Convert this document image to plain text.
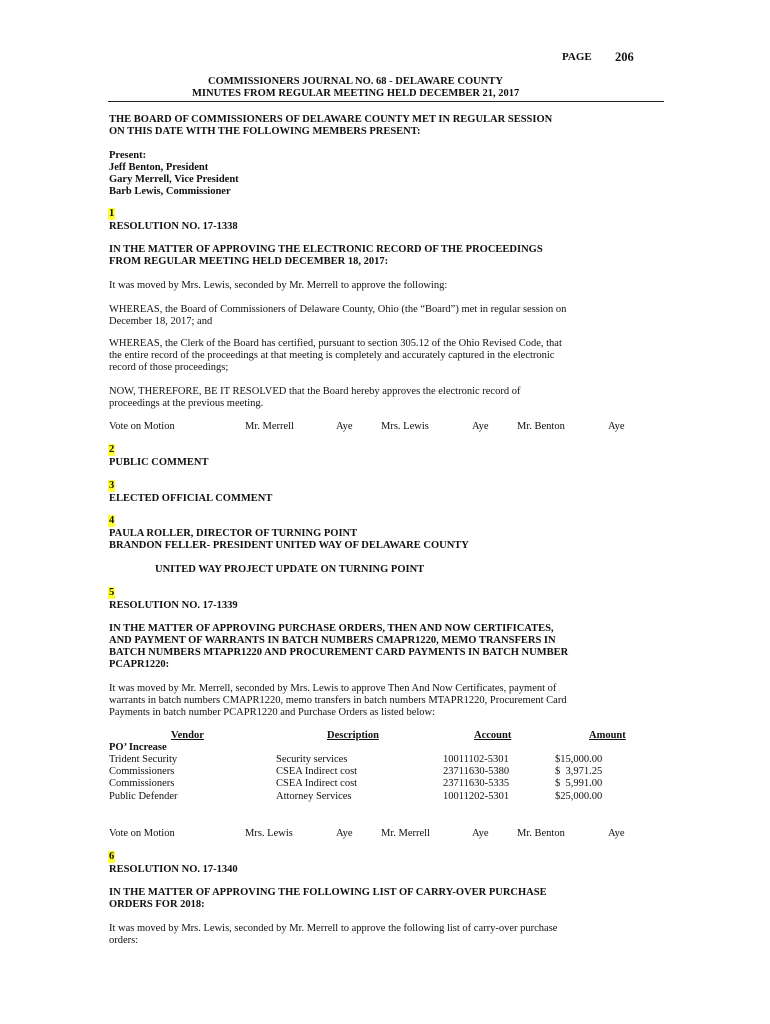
PAGE 206
COMMISSIONERS JOURNAL NO. 68 - DELAWARE COUNTY
MINUTES FROM REGULAR MEETING HELD DECEMBER 21, 2017
THE BOARD OF COMMISSIONERS OF DELAWARE COUNTY MET IN REGULAR SESSION
ON THIS DATE WITH THE FOLLOWING MEMBERS PRESENT:
Present:
Jeff Benton, President
Gary Merrell, Vice President
Barb Lewis, Commissioner
1
RESOLUTION NO. 17-1338
IN THE MATTER OF APPROVING THE ELECTRONIC RECORD OF THE PROCEEDINGS
FROM REGULAR MEETING HELD DECEMBER 18, 2017:
It was moved by Mrs. Lewis, seconded by Mr. Merrell to approve the following:
WHEREAS, the Board of Commissioners of Delaware County, Ohio (the “Board”) met in regular session on
December 18, 2017; and
WHEREAS, the Clerk of the Board has certified, pursuant to section 305.12 of the Ohio Revised Code, that
the entire record of the proceedings at that meeting is completely and accurately captured in the electronic
record of those proceedings;
NOW, THEREFORE, BE IT RESOLVED that the Board hereby approves the electronic record of
proceedings at the previous meeting.
Vote on Motion	Mr. Merrell	Aye	Mrs. Lewis	Aye	Mr. Benton	Aye
2
PUBLIC COMMENT
3
ELECTED OFFICIAL COMMENT
4
PAULA ROLLER, DIRECTOR OF TURNING POINT
BRANDON FELLER- PRESIDENT UNITED WAY OF DELAWARE COUNTY
UNITED WAY PROJECT UPDATE ON TURNING POINT
5
RESOLUTION NO. 17-1339
IN THE MATTER OF APPROVING PURCHASE ORDERS, THEN AND NOW CERTIFICATES,
AND PAYMENT OF WARRANTS IN BATCH NUMBERS CMAPR1220, MEMO TRANSFERS IN
BATCH NUMBERS MTAPR1220 AND PROCUREMENT CARD PAYMENTS IN BATCH NUMBER
PCAPR1220:
It was moved by Mr. Merrell, seconded by Mrs. Lewis to approve Then And Now Certificates, payment of
warrants in batch numbers CMAPR1220, memo transfers in batch numbers MTAPR1220, Procurement Card
Payments in batch number PCAPR1220 and Purchase Orders as listed below:
Vendor	Description	Account	Amount
PO’ Increase
Trident Security	Security services	10011102-5301	$15,000.00
Commissioners	CSEA Indirect cost	23711630-5380	$  3,971.25
Commissioners	CSEA Indirect cost	23711630-5335	$  5,991.00
Public Defender	Attorney Services	10011202-5301	$25,000.00
Vote on Motion	Mrs. Lewis	Aye	Mr. Merrell	Aye	Mr. Benton	Aye
6
RESOLUTION NO. 17-1340
IN THE MATTER OF APPROVING THE FOLLOWING LIST OF CARRY-OVER PURCHASE
ORDERS FOR 2018:
It was moved by Mrs. Lewis, seconded by Mr. Merrell to approve the following list of carry-over purchase
orders:
